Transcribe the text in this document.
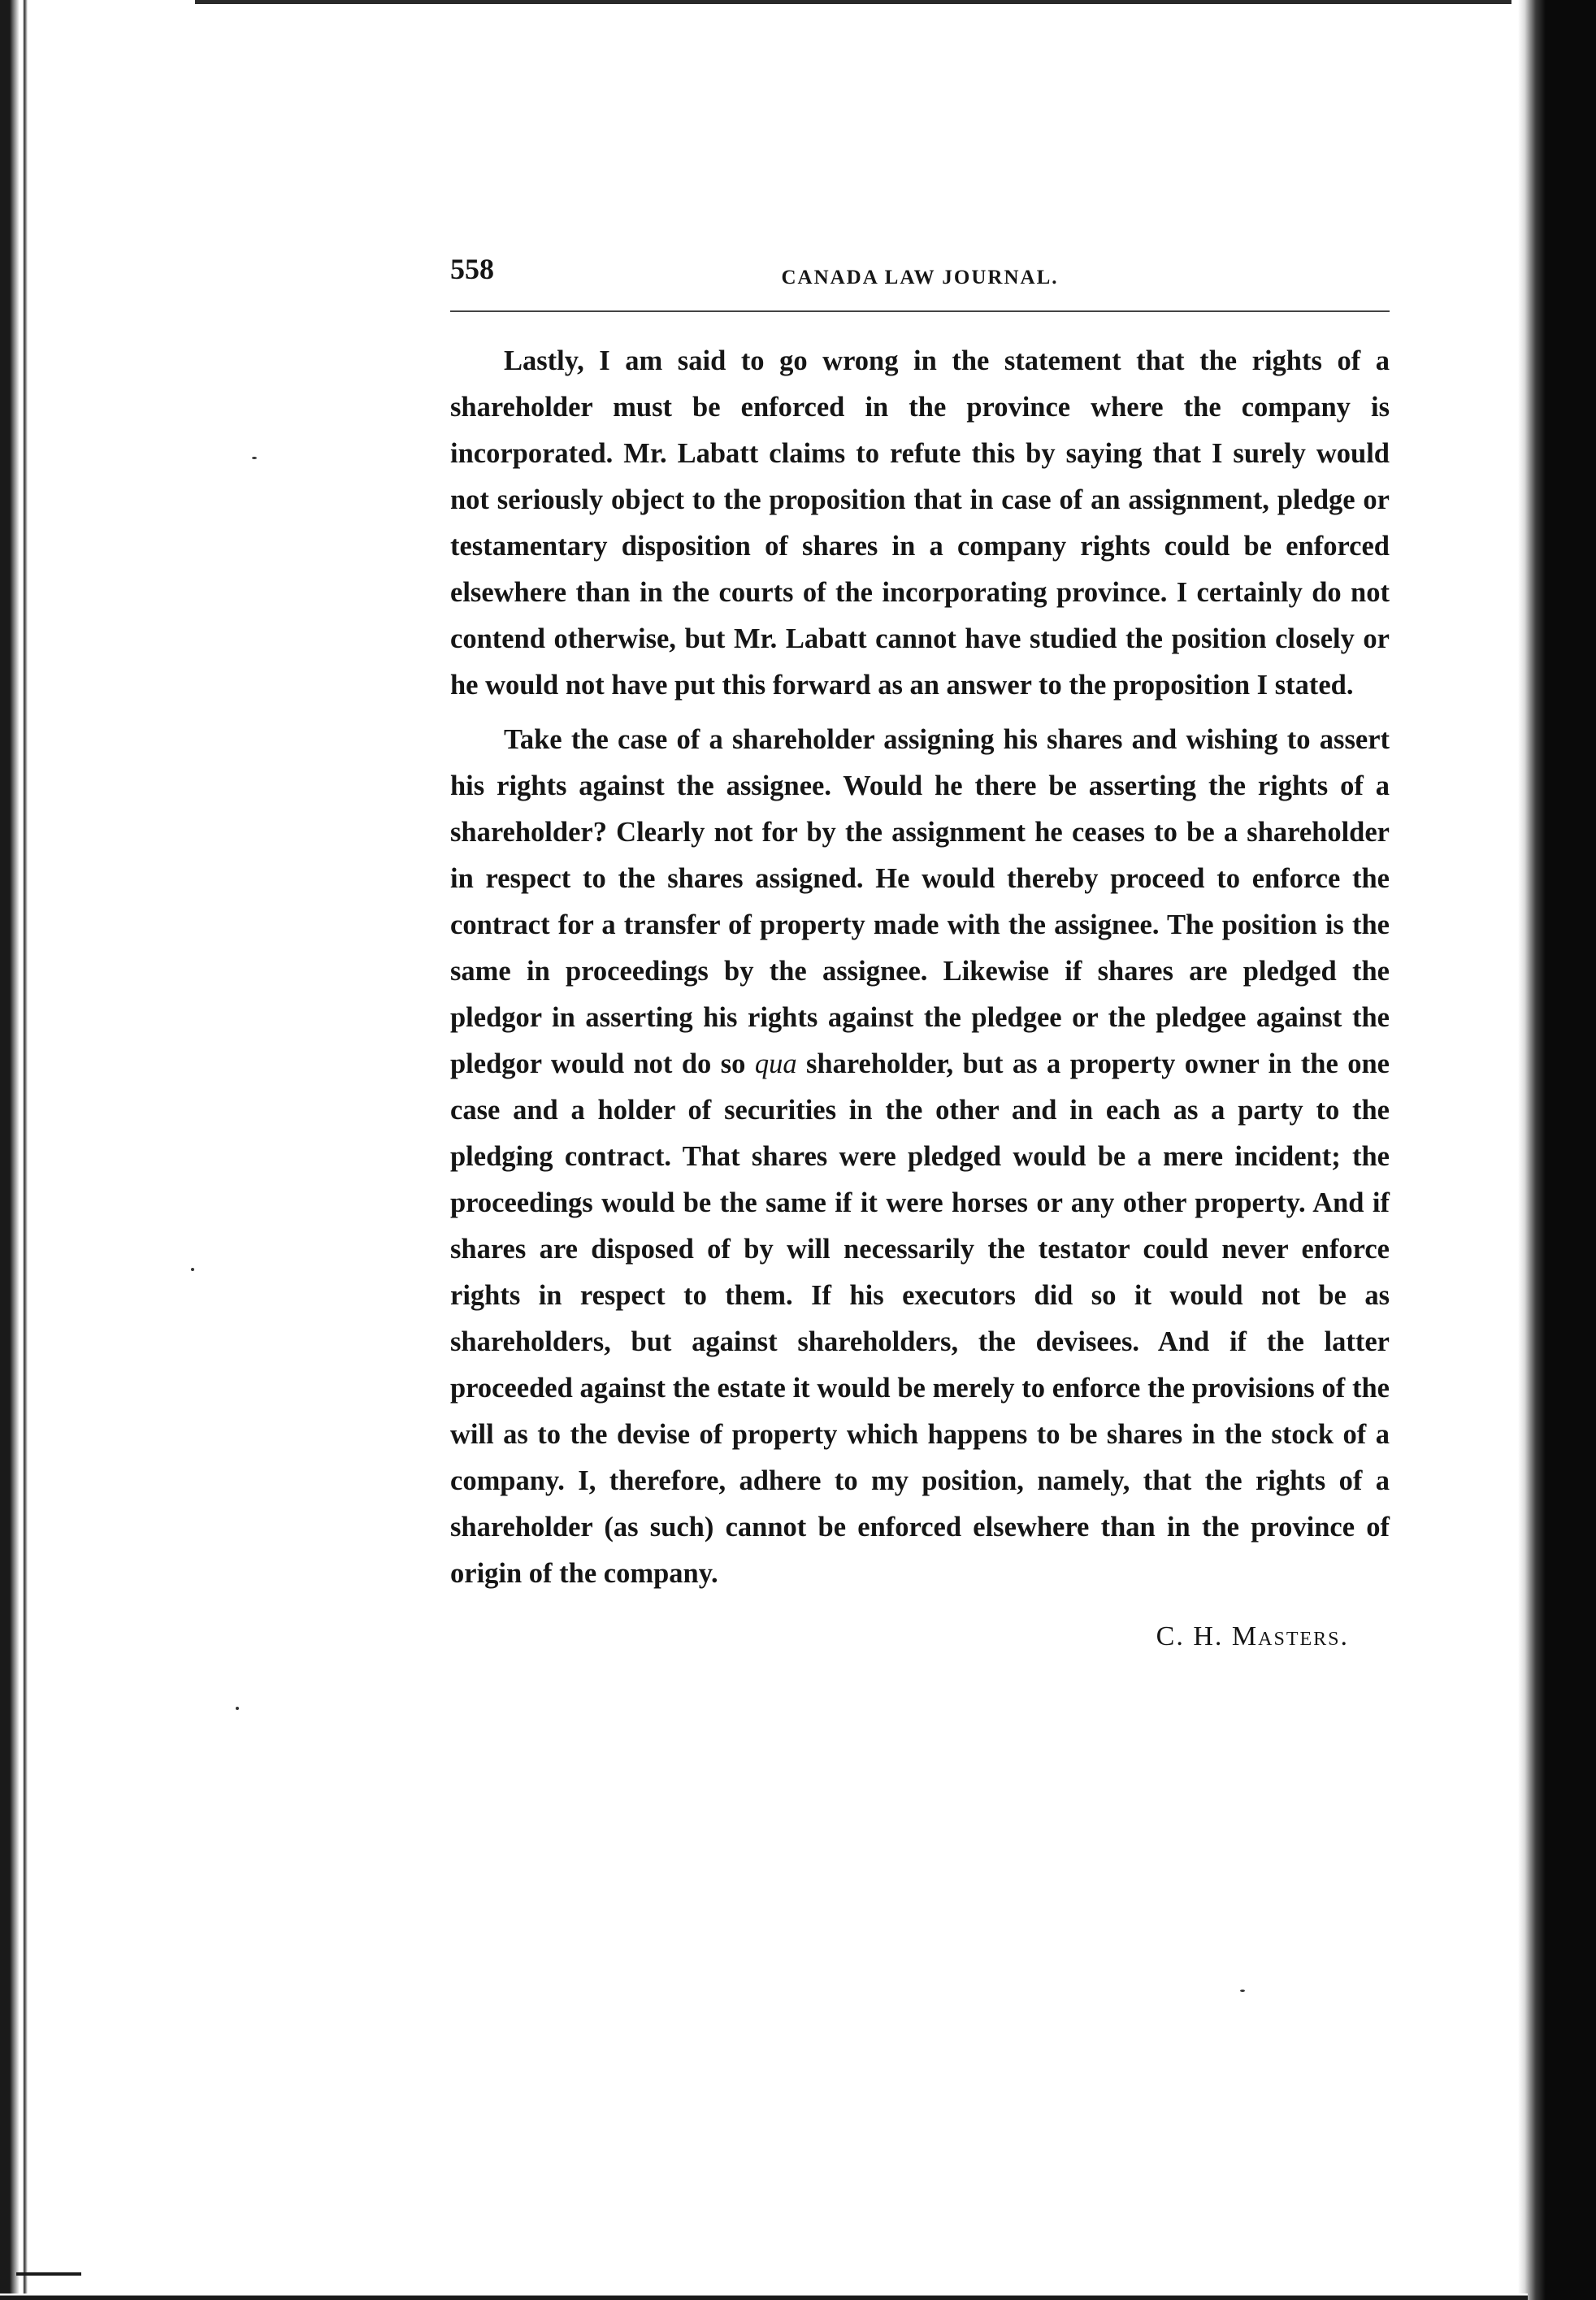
558	CANADA LAW JOURNAL.

Lastly, I am said to go wrong in the statement that the rights of a shareholder must be enforced in the province where the company is incorporated. Mr. Labatt claims to refute this by saying that I surely would not seriously object to the proposition that in case of an assignment, pledge or testamentary disposition of shares in a company rights could be enforced elsewhere than in the courts of the incorporating province. I certainly do not contend otherwise, but Mr. Labatt cannot have studied the position closely or he would not have put this forward as an answer to the proposition I stated.

Take the case of a shareholder assigning his shares and wishing to assert his rights against the assignee. Would he there be asserting the rights of a shareholder? Clearly not for by the assignment he ceases to be a shareholder in respect to the shares assigned. He would thereby proceed to enforce the contract for a transfer of property made with the assignee. The position is the same in proceedings by the assignee. Likewise if shares are pledged the pledgor in asserting his rights against the pledgee or the pledgee against the pledgor would not do so qua shareholder, but as a property owner in the one case and a holder of securities in the other and in each as a party to the pledging contract. That shares were pledged would be a mere incident; the proceedings would be the same if it were horses or any other property. And if shares are disposed of by will necessarily the testator could never enforce rights in respect to them. If his executors did so it would not be as shareholders, but against shareholders, the devisees. And if the latter proceeded against the estate it would be merely to enforce the provisions of the will as to the devise of property which happens to be shares in the stock of a company. I, therefore, adhere to my position, namely, that the rights of a shareholder (as such) cannot be enforced elsewhere than in the province of origin of the company.

C. H. Masters.
